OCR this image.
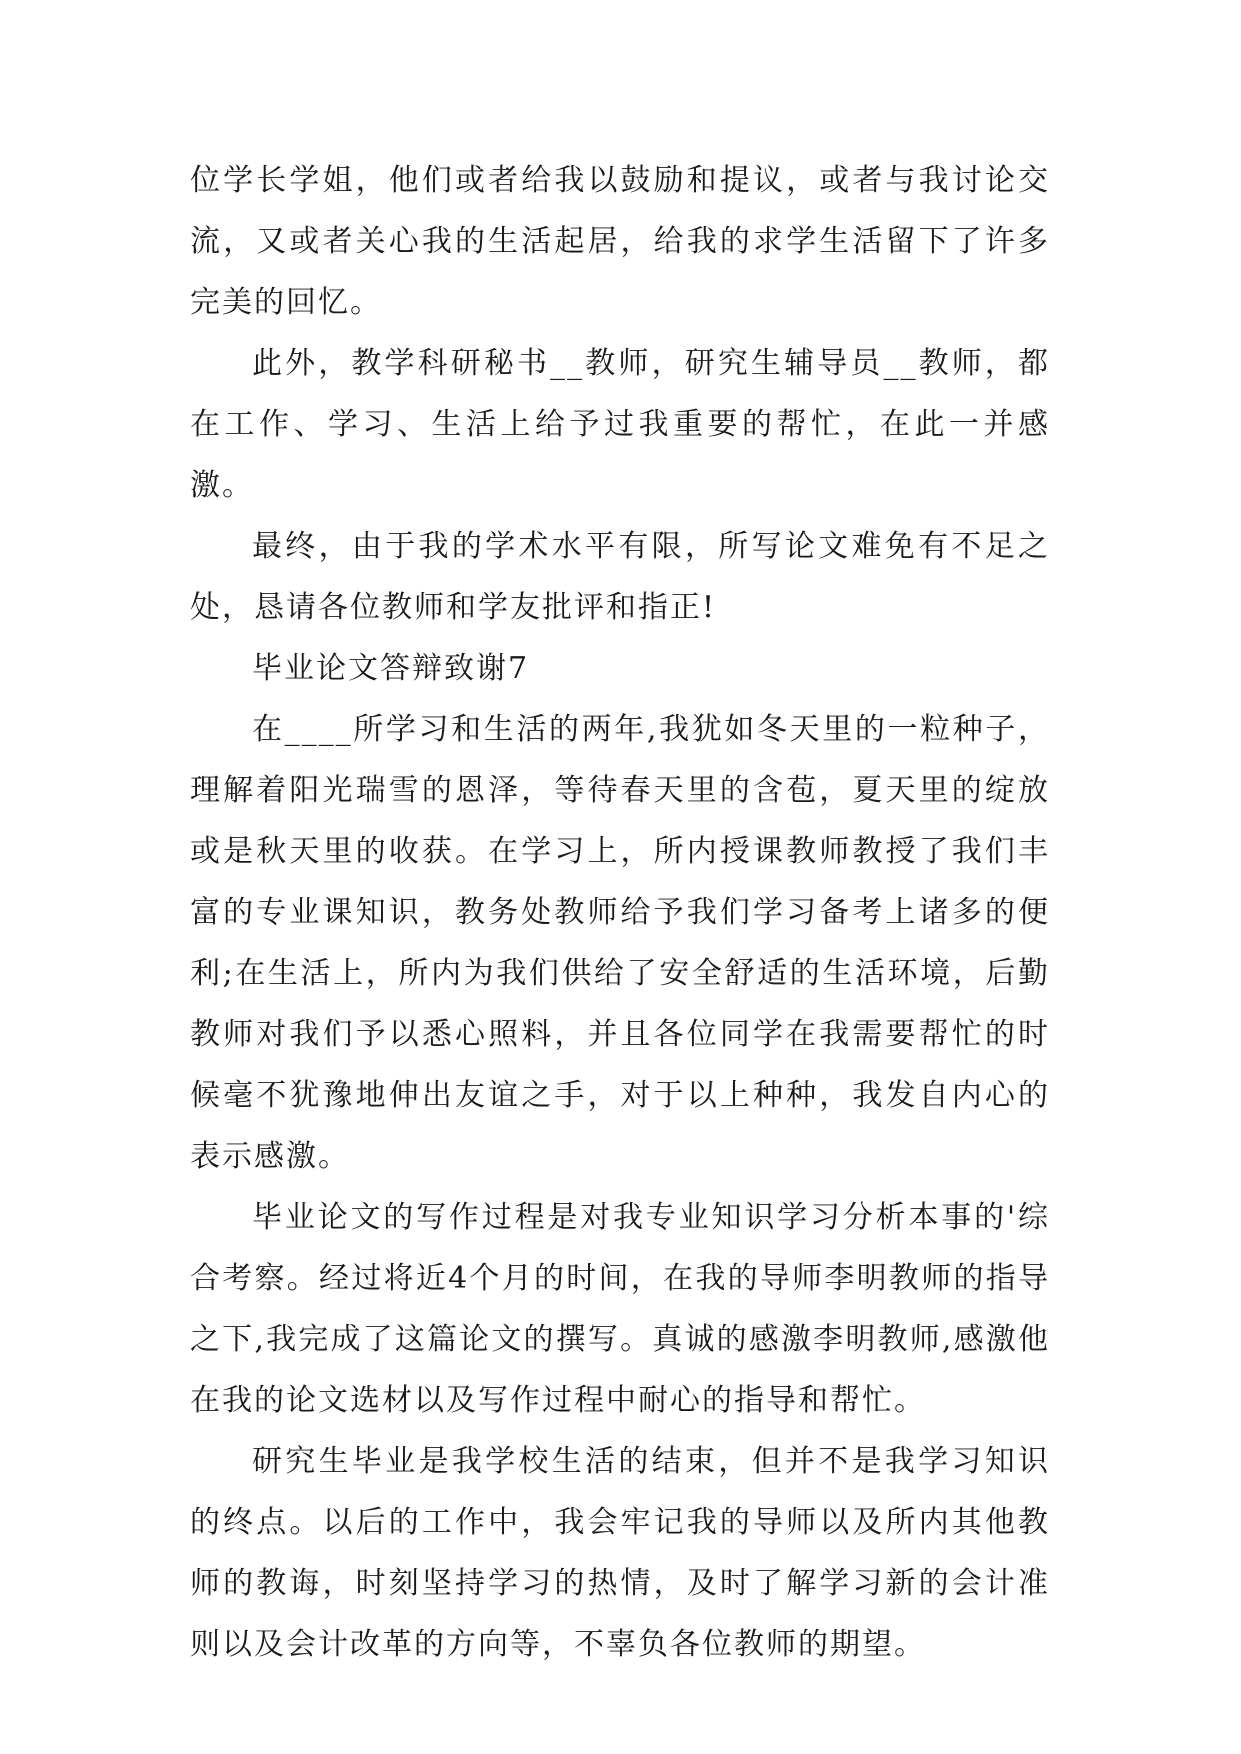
位学长学姐，他们或者给我以鼓励和提议，或者与我讨论交流，又或者关心我的生活起居，给我的求学生活留下了许多完美的回忆。

此外，教学科研秘书__教师，研究生辅导员__教师，都在工作、学习、生活上给予过我重要的帮忙，在此一并感激。

最终，由于我的学术水平有限，所写论文难免有不足之处，恳请各位教师和学友批评和指正!

毕业论文答辩致谢7

在____所学习和生活的两年,我犹如冬天里的一粒种子，理解着阳光瑞雪的恩泽，等待春天里的含苞，夏天里的绽放或是秋天里的收获。在学习上，所内授课教师教授了我们丰富的专业课知识，教务处教师给予我们学习备考上诸多的便利;在生活上，所内为我们供给了安全舒适的生活环境，后勤教师对我们予以悉心照料，并且各位同学在我需要帮忙的时候毫不犹豫地伸出友谊之手，对于以上种种，我发自内心的表示感激。

毕业论文的写作过程是对我专业知识学习分析本事的'综合考察。经过将近4个月的时间，在我的导师李明教师的指导之下,我完成了这篇论文的撰写。真诚的感激李明教师,感激他在我的论文选材以及写作过程中耐心的指导和帮忙。

研究生毕业是我学校生活的结束，但并不是我学习知识的终点。以后的工作中，我会牢记我的导师以及所内其他教师的教诲，时刻坚持学习的热情，及时了解学习新的会计准则以及会计改革的方向等，不辜负各位教师的期望。
